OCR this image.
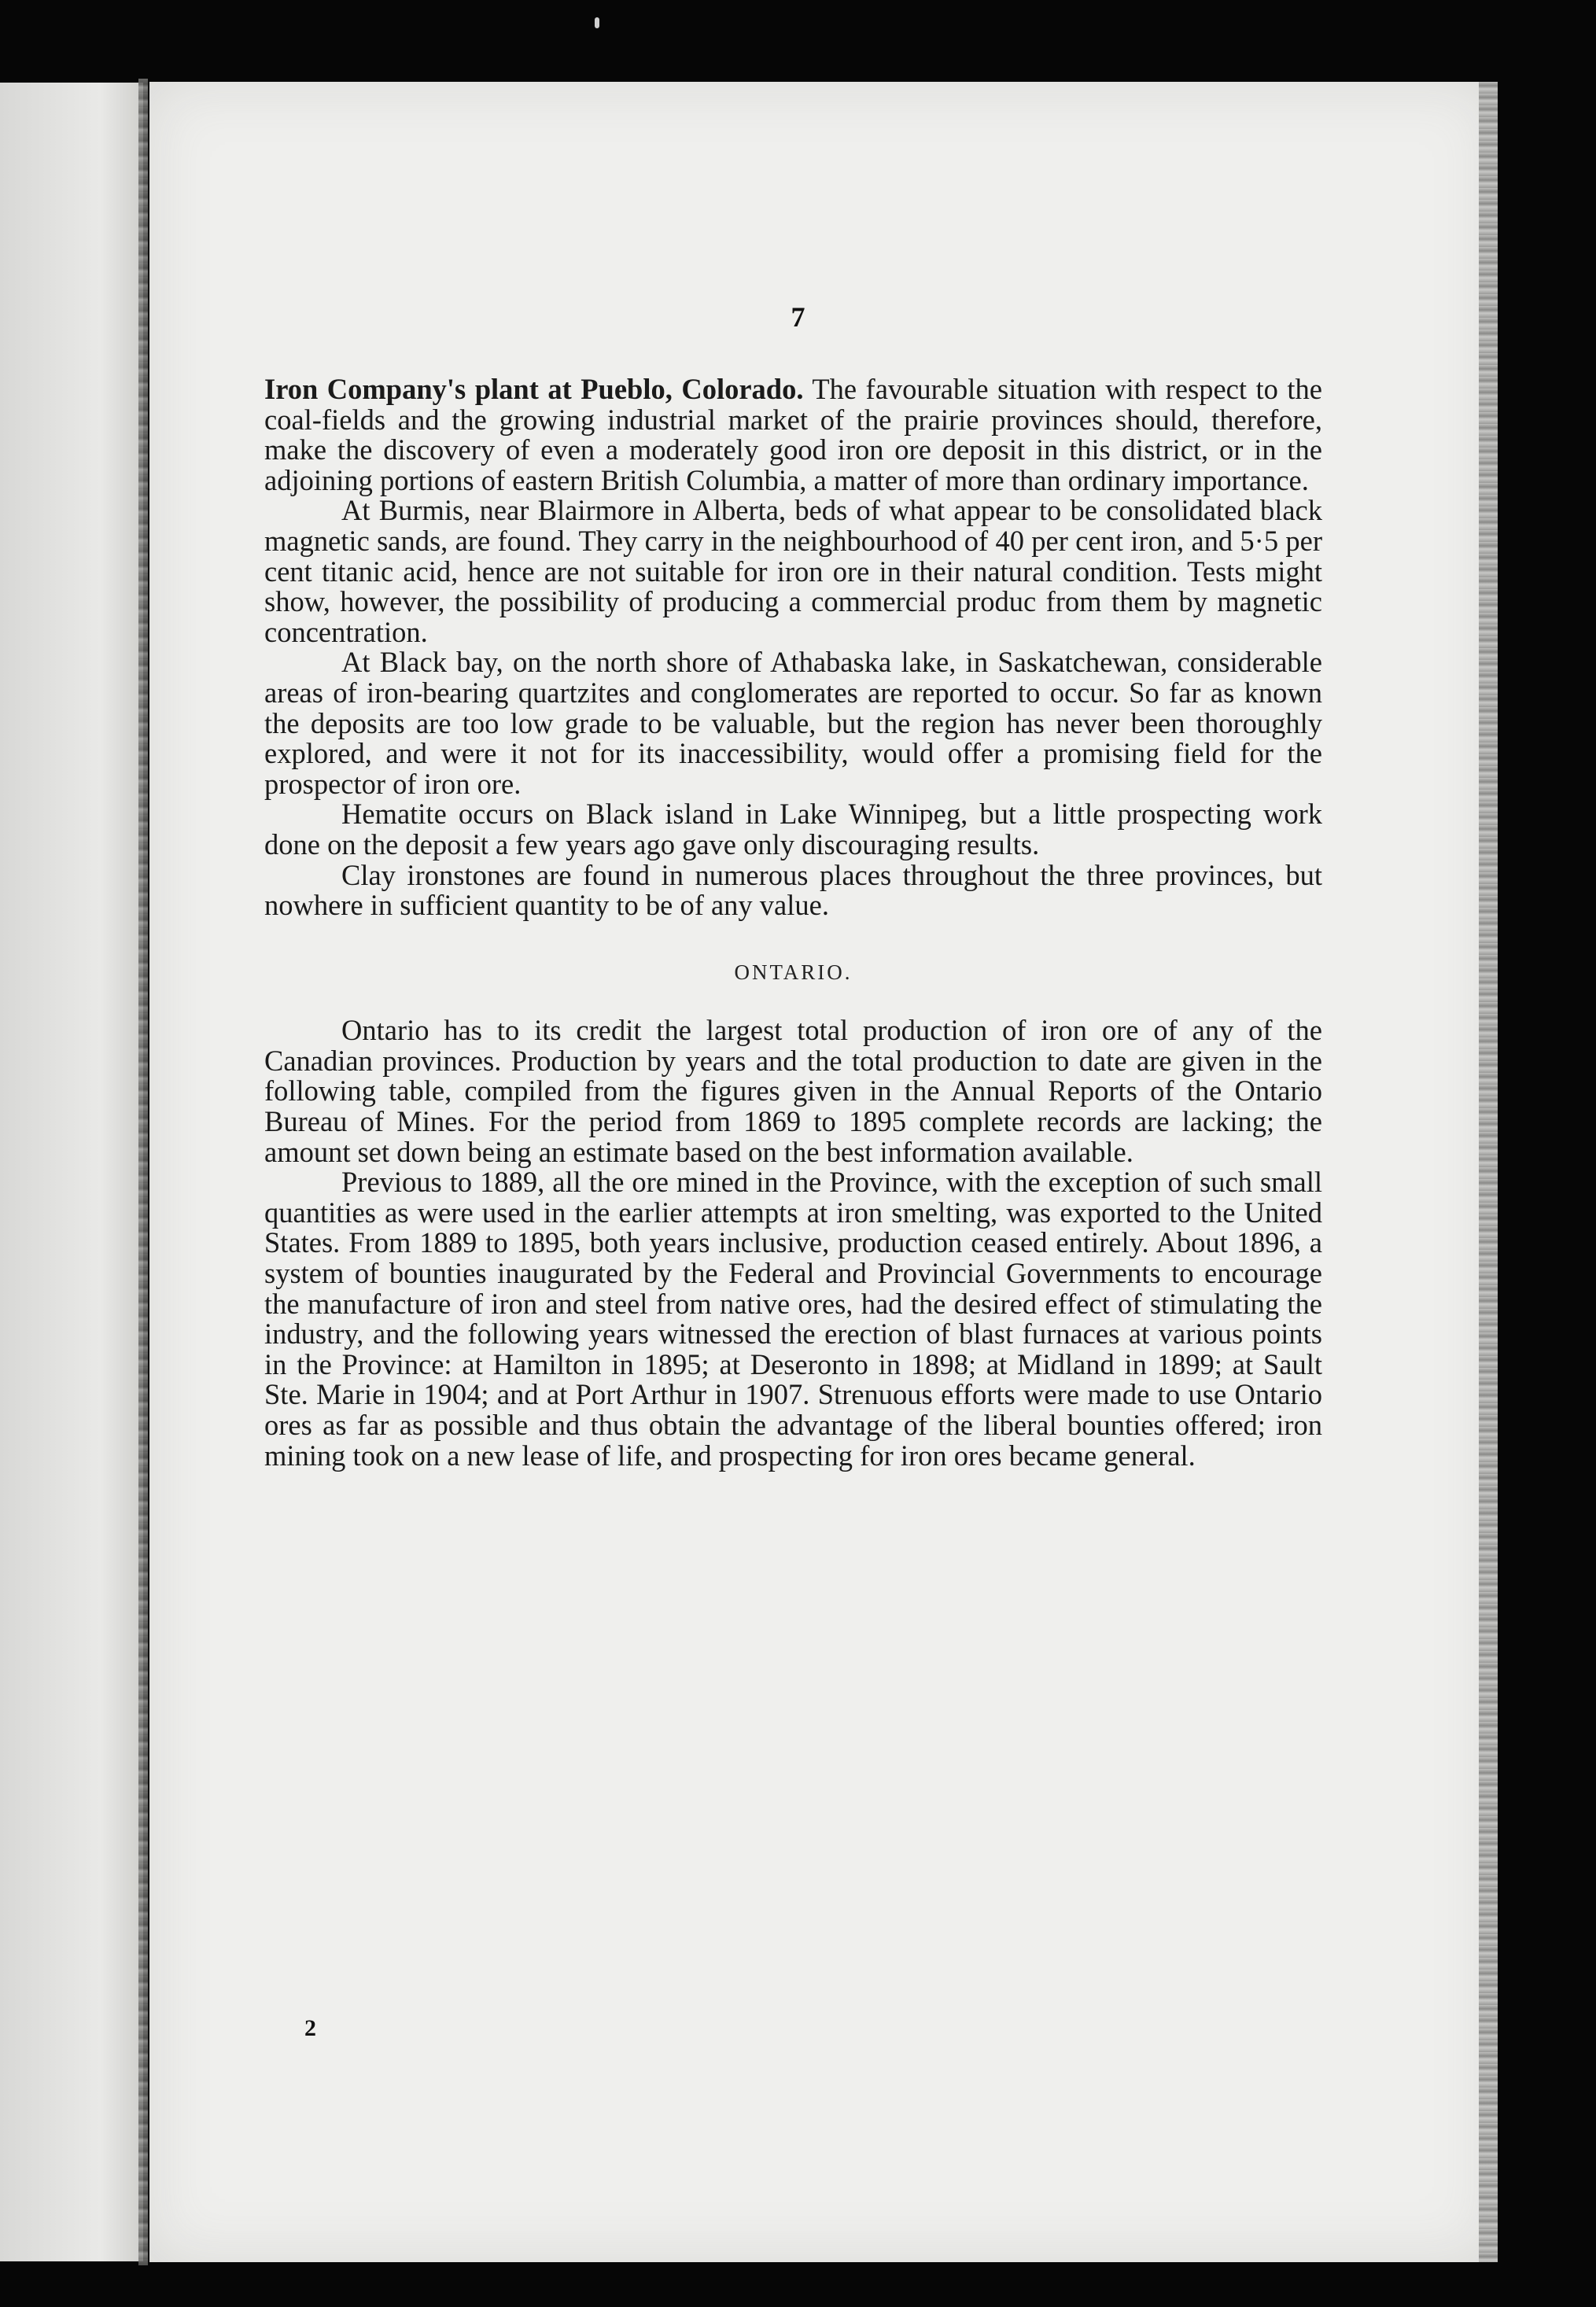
7

Iron Company's plant at Pueblo, Colorado. The favourable situation with respect to the coal-fields and the growing industrial market of the prairie provinces should, therefore, make the discovery of even a moderately good iron ore deposit in this district, or in the adjoining portions of eastern British Columbia, a matter of more than ordinary importance.

At Burmis, near Blairmore in Alberta, beds of what appear to be consolidated black magnetic sands, are found. They carry in the neighbourhood of 40 per cent iron, and 5·5 per cent titanic acid, hence are not suitable for iron ore in their natural condition. Tests might show, however, the possibility of producing a commercial produc from them by magnetic concentration.

At Black bay, on the north shore of Athabaska lake, in Saskatchewan, considerable areas of iron-bearing quartzites and conglomerates are reported to occur. So far as known the deposits are too low grade to be valuable, but the region has never been thoroughly explored, and were it not for its inaccessibility, would offer a promising field for the prospector of iron ore.

Hematite occurs on Black island in Lake Winnipeg, but a little prospecting work done on the deposit a few years ago gave only discouraging results.

Clay ironstones are found in numerous places throughout the three provinces, but nowhere in sufficient quantity to be of any value.

ONTARIO.

Ontario has to its credit the largest total production of iron ore of any of the Canadian provinces. Production by years and the total production to date are given in the following table, compiled from the figures given in the Annual Reports of the Ontario Bureau of Mines. For the period from 1869 to 1895 complete records are lacking; the amount set down being an estimate based on the best information available.

Previous to 1889, all the ore mined in the Province, with the exception of such small quantities as were used in the earlier attempts at iron smelting, was exported to the United States. From 1889 to 1895, both years inclusive, production ceased entirely. About 1896, a system of bounties inaugurated by the Federal and Provincial Governments to encourage the manufacture of iron and steel from native ores, had the desired effect of stimulating the industry, and the following years witnessed the erection of blast furnaces at various points in the Province: at Hamilton in 1895; at Deseronto in 1898; at Midland in 1899; at Sault Ste. Marie in 1904; and at Port Arthur in 1907. Strenuous efforts were made to use Ontario ores as far as possible and thus obtain the advantage of the liberal bounties offered; iron mining took on a new lease of life, and prospecting for iron ores became general.

2
